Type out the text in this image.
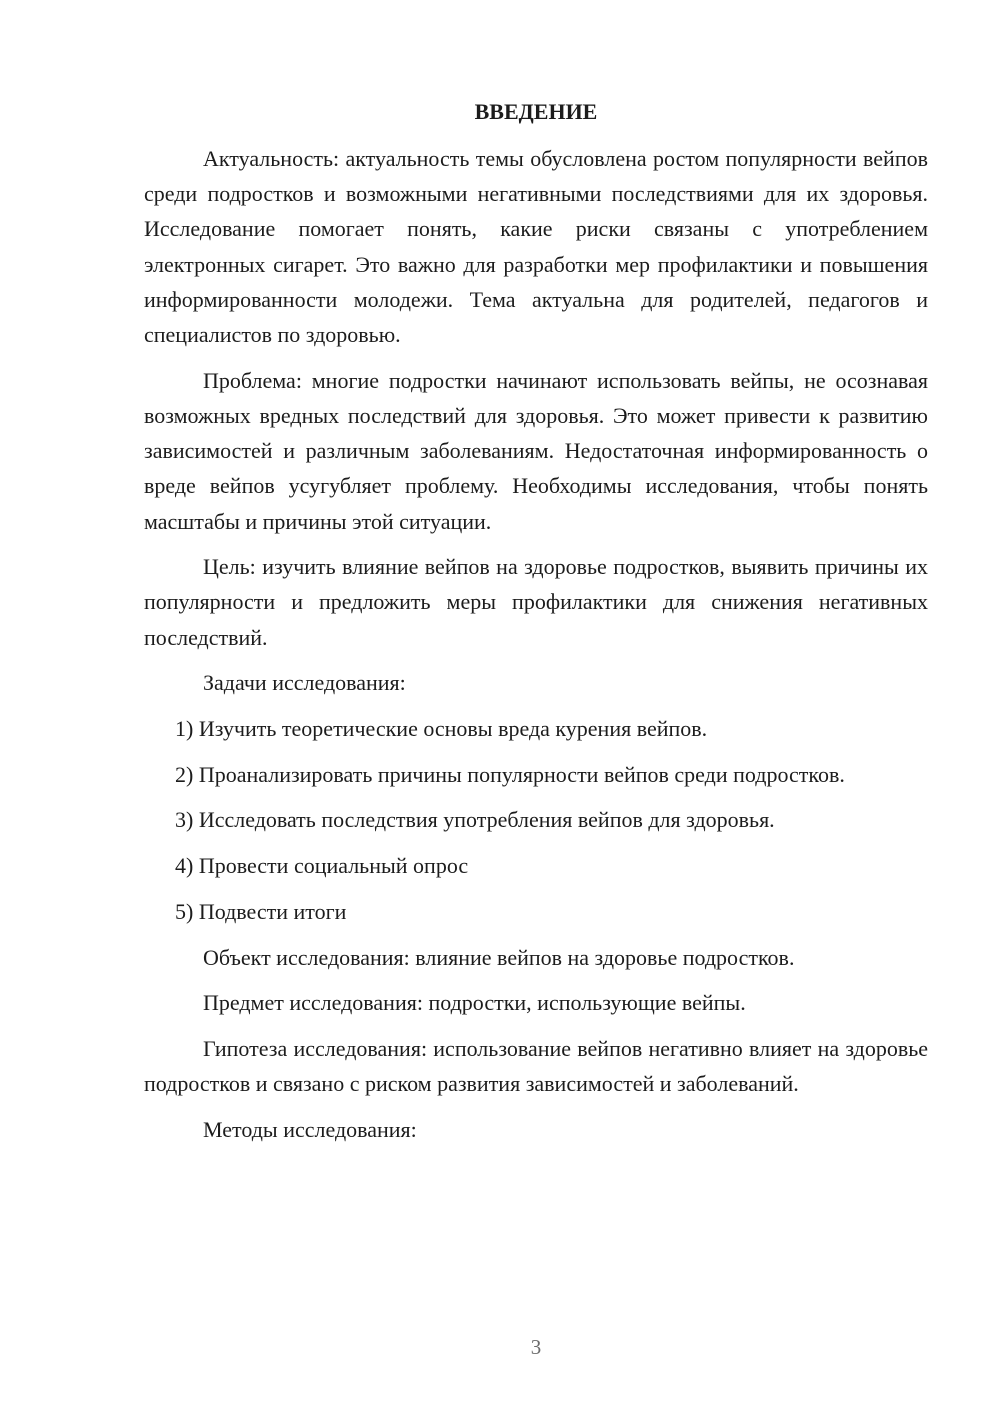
ВВЕДЕНИЕ

Актуальность: актуальность темы обусловлена ростом популярности вейпов среди подростков и возможными негативными последствиями для их здоровья. Исследование помогает понять, какие риски связаны с употреблением электронных сигарет. Это важно для разработки мер профилактики и повышения информированности молодежи. Тема актуальна для родителей, педагогов и специалистов по здоровью.

Проблема: многие подростки начинают использовать вейпы, не осознавая возможных вредных последствий для здоровья. Это может привести к развитию зависимостей и различным заболеваниям. Недостаточная информированность о вреде вейпов усугубляет проблему. Необходимы исследования, чтобы понять масштабы и причины этой ситуации.

Цель: изучить влияние вейпов на здоровье подростков, выявить причины их популярности и предложить меры профилактики для снижения негативных последствий.

Задачи исследования:

1) Изучить теоретические основы вреда курения вейпов.

2) Проанализировать причины популярности вейпов среди подростков.

3) Исследовать последствия употребления вейпов для здоровья.

4) Провести социальный опрос

5) Подвести итоги

Объект исследования: влияние вейпов на здоровье подростков.

Предмет исследования: подростки, использующие вейпы.

Гипотеза исследования: использование вейпов негативно влияет на здоровье подростков и связано с риском развития зависимостей и заболеваний.

Методы исследования:

3
